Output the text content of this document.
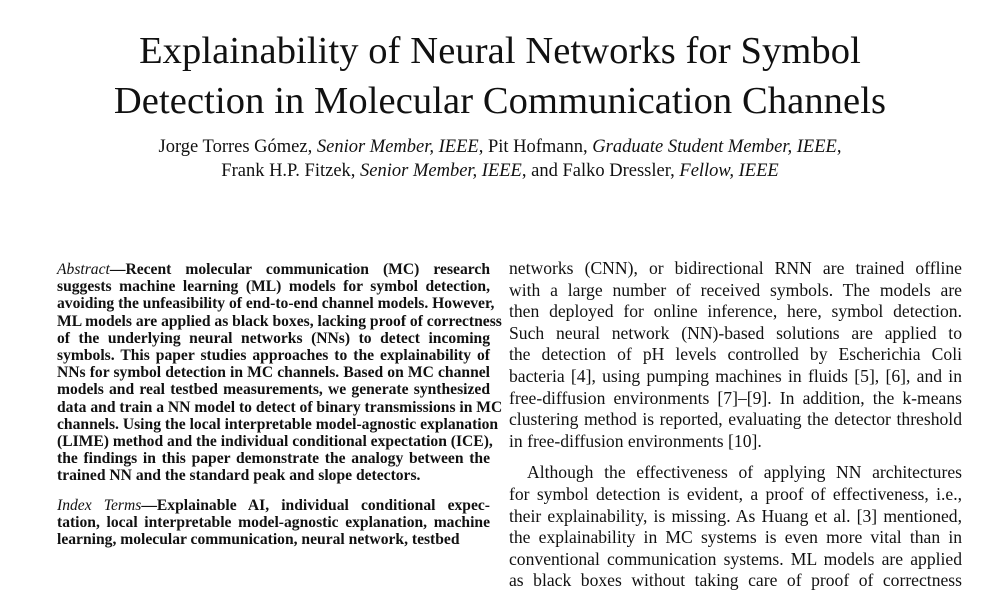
Explainability of Neural Networks for Symbol
Detection in Molecular Communication Channels
Jorge Torres Gómez, Senior Member, IEEE, Pit Hofmann, Graduate Student Member, IEEE,
Frank H.P. Fitzek, Senior Member, IEEE, and Falko Dressler, Fellow, IEEE

Abstract—Recent molecular communication (MC) research
suggests machine learning (ML) models for symbol detection,
avoiding the unfeasibility of end-to-end channel models. However,
ML models are applied as black boxes, lacking proof of correctness
of the underlying neural networks (NNs) to detect incoming
symbols. This paper studies approaches to the explainability of
NNs for symbol detection in MC channels. Based on MC channel
models and real testbed measurements, we generate synthesized
data and train a NN model to detect of binary transmissions in MC
channels. Using the local interpretable model-agnostic explanation
(LIME) method and the individual conditional expectation (ICE),
the findings in this paper demonstrate the analogy between the
trained NN and the standard peak and slope detectors.

Index Terms—Explainable AI, individual conditional expec-
tation, local interpretable model-agnostic explanation, machine
learning, molecular communication, neural network, testbed

networks (CNN), or bidirectional RNN are trained offline
with a large number of received symbols. The models are
then deployed for online inference, here, symbol detection.
Such neural network (NN)-based solutions are applied to
the detection of pH levels controlled by Escherichia Coli
bacteria [4], using pumping machines in fluids [5], [6], and in
free-diffusion environments [7]–[9]. In addition, the k-means
clustering method is reported, evaluating the detector threshold
in free-diffusion environments [10].

Although the effectiveness of applying NN architectures
for symbol detection is evident, a proof of effectiveness, i.e.,
their explainability, is missing. As Huang et al. [3] mentioned,
the explainability in MC systems is even more vital than in
conventional communication systems. ML models are applied
as black boxes without taking care of proof of correctness
